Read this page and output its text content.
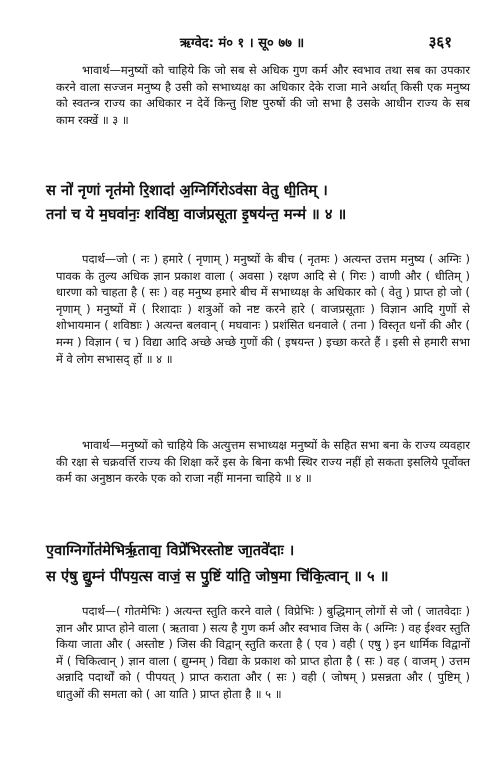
ऋग्वेद: मं० १ । सू० ७७ ॥	३६१

भावार्थ—मनुष्यों को चाहिये कि जो सब से अधिक गुण कर्म और स्वभाव तथा सब का उपकार करने वाला सज्जन मनुष्य है उसी को सभाध्यक्ष का अधिकार देके राजा माने अर्थात् किसी एक मनुष्य को स्वतन्त्र राज्य का अधिकार न देवें किन्तु शिष्ट पुरुषों की जो सभा है उसके आधीन राज्य के सब काम रक्खें ॥ ३ ॥

स नो॑ नृणां नृत॑मो रि॒शादा॑ अ॒ग्निर्गिरोऽव॑सा वेतु धी॒तिम् ।
तना॑ च ये म॒घवा॑नः॒ शवि॑ष्ठा॒ वाज॑प्रसूता इ॒षय॑न्त॒ मन्म॑ ॥ ४ ॥

पदार्थ—जो ( नः ) हमारे ( नृणाम् ) मनुष्यों के बीच ( नृतमः ) अत्यन्त उत्तम मनुष्य ( अग्निः ) पावक के तुल्य अधिक ज्ञान प्रकाश वाला ( अवसा ) रक्षण आदि से ( गिरः ) वाणी और ( धीतिम् ) धारणा को चाहता है ( सः ) वह मनुष्य हमारे बीच में सभाध्यक्ष के अधिकार को ( वेतु ) प्राप्त हो जो ( नृणाम् ) मनुष्यों में ( रिशादाः ) शत्रुओं को नष्ट करने हारे ( वाजप्रसूताः ) विज्ञान आदि गुणों से शोभायमान ( शविष्ठाः ) अत्यन्त बलवान् ( मघवानः ) प्रशंसित धनवाले ( तना ) विस्तृत धनों की और ( मन्म ) विज्ञान ( च ) विद्या आदि अच्छे अच्छे गुणों की ( इषयन्त ) इच्छा करते हैं । इसी से हमारी सभा में वे लोग सभासद् हों ॥ ४ ॥

भावार्थ—मनुष्यों को चाहिये कि अत्युत्तम सभाध्यक्ष मनुष्यों के सहित सभा बना के राज्य व्यवहार की रक्षा से चक्रवर्त्ति राज्य की शिक्षा करें इस के बिना कभी स्थिर राज्य नहीं हो सकता इसलिये पूर्वोक्त कर्म का अनुष्ठान करके एक को राजा नहीं मानना चाहिये ॥ ४ ॥

ए॒वाग्निर्गोत॑मेभिर्ऋ॒तावा॒ विप्रे॑भिरस्तोष्ट जा॒तवे॑दाः ।
स ए॑षु द्यु॒म्नं पी॑पय॒त्स वाजं॒ स पु॒ष्टिं या॑ति॒ जोष॒मा चि॑कि॒त्वान् ॥ ५ ॥

पदार्थ—( गोतमेभिः ) अत्यन्त स्तुति करने वाले ( विप्रेभिः ) बुद्धिमान् लोगों से जो ( जातवेदाः ) ज्ञान और प्राप्त होने वाला ( ऋतावा ) सत्य है गुण कर्म और स्वभाव जिस के ( अग्निः ) वह ईश्वर स्तुति किया जाता और ( अस्तोष्ट ) जिस की विद्वान् स्तुति करता है ( एव ) वही ( एषु ) इन धार्मिक विद्वानों में ( चिकित्वान् ) ज्ञान वाला ( द्युम्नम् ) विद्या के प्रकाश को प्राप्त होता है ( सः ) वह ( वाजम् ) उत्तम अन्नादि पदार्थों को ( पीपयत् ) प्राप्त कराता और ( सः ) वही ( जोषम् ) प्रसन्नता और ( पुष्टिम् ) धातुओं की समता को ( आ याति ) प्राप्त होता है ॥ ५ ॥
